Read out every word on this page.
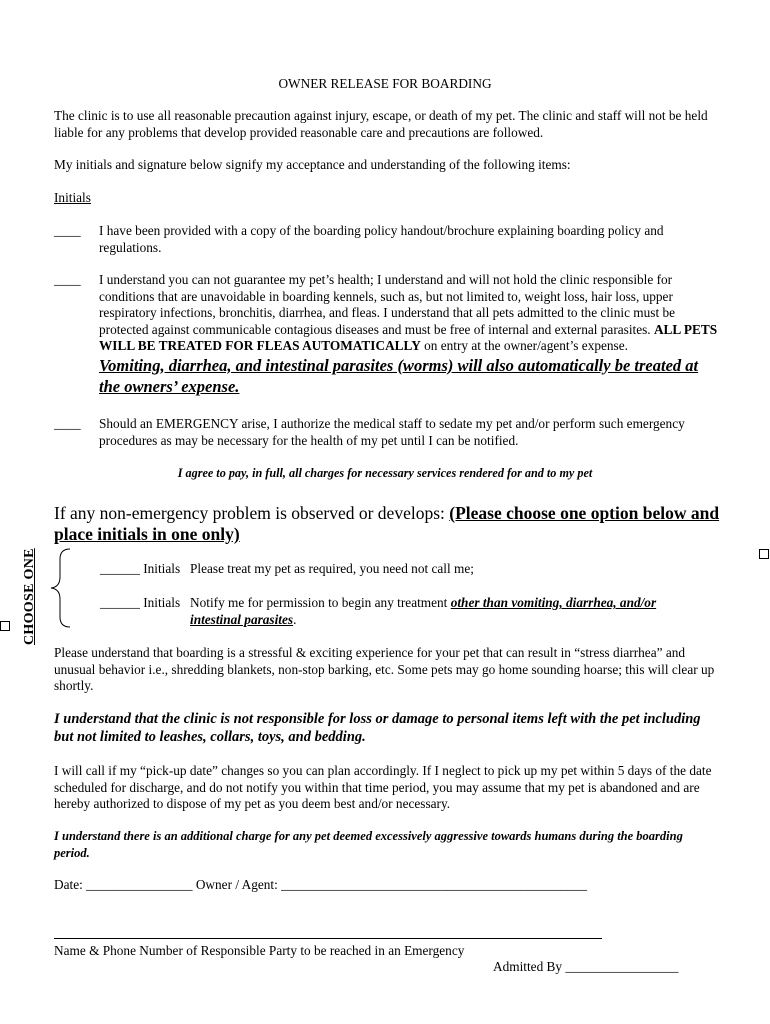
OWNER RELEASE FOR BOARDING
The clinic is to use all reasonable precaution against injury, escape, or death of my pet. The clinic and staff will not be held liable for any problems that develop provided reasonable care and precautions are followed.
My initials and signature below signify my acceptance and understanding of the following items:
Initials
____	I have been provided with a copy of the boarding policy handout/brochure explaining boarding policy and regulations.
____	I understand you can not guarantee my pet’s health; I understand and will not hold the clinic responsible for conditions that are unavoidable in boarding kennels, such as, but not limited to, weight loss, hair loss, upper respiratory infections, bronchitis, diarrhea, and fleas. I understand that all pets admitted to the clinic must be protected against communicable contagious diseases and must be free of internal and external parasites. ALL PETS WILL BE TREATED FOR FLEAS AUTOMATICALLY on entry at the owner/agent’s expense.
Vomiting, diarrhea, and intestinal parasites (worms) will also automatically be treated at the owners’ expense.
____	Should an EMERGENCY arise, I authorize the medical staff to sedate my pet and/or perform such emergency procedures as may be necessary for the health of my pet until I can be notified.
I agree to pay, in full, all charges for necessary services rendered for and to my pet
If any non-emergency problem is observed or develops: (Please choose one option below and place initials in one only)
CHOOSE ONE	______ Initials Please treat my pet as required, you need not call me;
______ Initials Notify me for permission to begin any treatment other than vomiting, diarrhea, and/or intestinal parasites.
Please understand that boarding is a stressful & exciting experience for your pet that can result in “stress diarrhea” and unusual behavior i.e., shredding blankets, non-stop barking, etc. Some pets may go home sounding hoarse; this will clear up shortly.
I understand that the clinic is not responsible for loss or damage to personal items left with the pet including but not limited to leashes, collars, toys, and bedding.
I will call if my “pick-up date” changes so you can plan accordingly. If I neglect to pick up my pet within 5 days of the date scheduled for discharge, and do not notify you within that time period, you may assume that my pet is abandoned and are hereby authorized to dispose of my pet as you deem best and/or necessary.
I understand there is an additional charge for any pet deemed excessively aggressive towards humans during the boarding period.
Date: ________________ Owner / Agent: ______________________________________________
Name & Phone Number of Responsible Party to be reached in an Emergency
Admitted By _________________
